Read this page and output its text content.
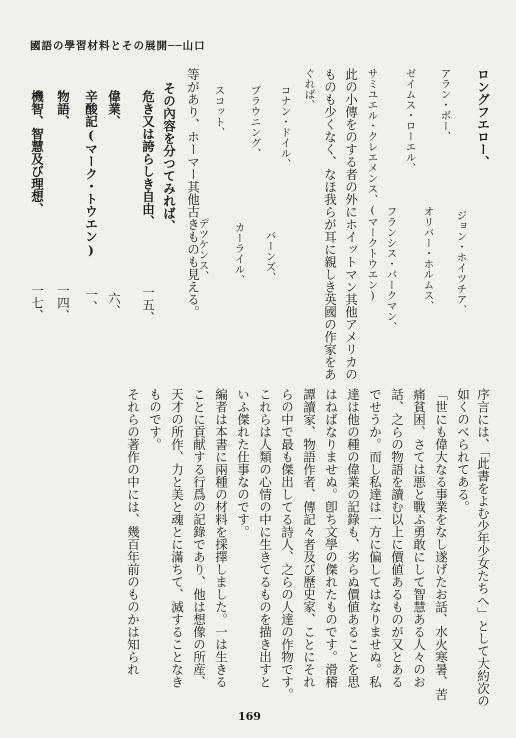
國語の學習材料とその展開──山口
ロングフエロー、
ジョン・ホイツチア、
アラン・ボー、
オリバー・ホルムス、
ゼイムス・ローエル、
フランシス・パークマン、
サミユエル・クレエメンス、(マークトウエン)
此の小傳をのする者の外にホイットマン其他アメリカの
ものも少くなく、なほ我らが耳に親しき英國の作家をあ
ぐれば、
コナン・ドイル、
バーンズ、
ブラウニング、
カーライル、
スコット、
デツケンス、
等があり、ホーマー其他古きものも見える。
その內容を分つてみれば、
危き又は誇らしき自由、
一五、
偉業、
六、
辛酸記(マーク・トウエン)
一、
物語、
一四、
機智、智慧及び理想、
一七、
序言には、「此書をよむ少年少女たちへ」として大約次の
如くのべられてある。
「世にも偉大なる事業をなし遂げたお話、水火寒暑、苦
痛貧困、さては悪と戰ふ勇敢にして智慧ある人々のお
話、之らの物語を讀む以上に價値あるものが又とある
でせうか。而し私達は一方に偏してはなりませぬ。私
達は他の種の偉業の記錄も、劣らぬ價値あることを思
はねばなりませぬ。卽ち文學の傑れたものです。滑稽
譚讀家、物語作者、傳記々者及び歷史家、ことにそれ
らの中で最も傑出してる詩人、之らの人達の作物です。
これらは人類の心情の中に生きてるものを描き出すと
いふ傑れた仕事なのです。
編者は本書に兩種の材料を採擇しました。一は生きる
ことに貢献する行爲の記錄であり、他は想像の所産、
天才の所作、力と美と魂とに滿ちて、滅することなき
ものです。
それらの著作の中には、幾百年前のものかは知られ
169
